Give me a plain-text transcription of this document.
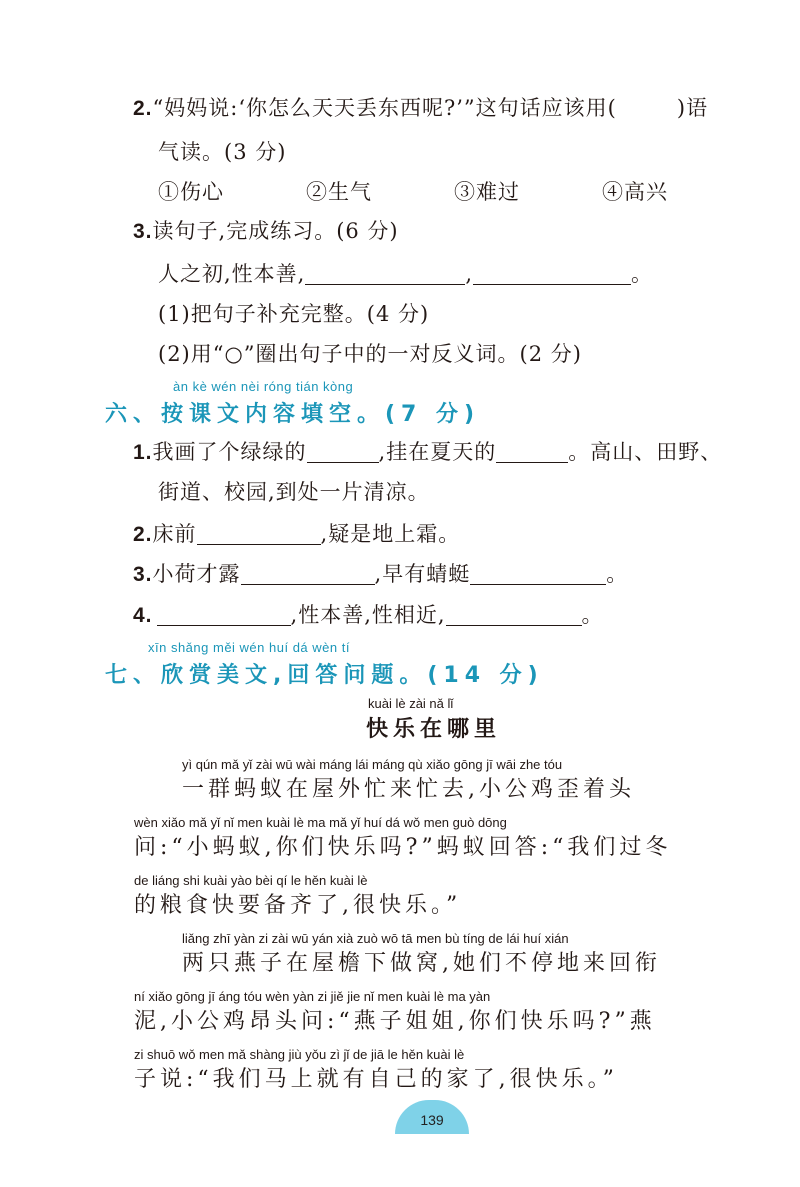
2.“妈妈说:‘你怎么天天丢东西呢?’”这句话应该用(	)语
气读。(3 分)
①伤心	②生气	③难过	④高兴
3.读句子,完成练习。(6 分)
人之初,性本善,	,	。
(1)把句子补充完整。(4 分)
(2)用“○”圈出句子中的一对反义词。(2 分)
àn kè wén nèi róng tián kòng
六、按课文内容填空。(7 分)
1.我画了个绿绿的	,挂在夏天的	。高山、田野、
街道、校园,到处一片清凉。
2.床前	,疑是地上霜。
3.小荷才露	,早有蜻蜓	。
4.	,性本善,性相近,	。
xīn shǎng měi wén huí dá wèn tí
七、欣赏美文,回答问题。(14 分)
kuài lè zài nǎ lǐ
快乐在哪里
yì qún mǎ yǐ zài wū wài máng lái máng qù xiǎo gōng jī wāi zhe tóu
一群蚂蚁在屋外忙来忙去,小公鸡歪着头
wèn xiǎo mǎ yǐ nǐ men kuài lè ma mǎ yǐ huí dá wǒ men guò dōng
问:“小蚂蚁,你们快乐吗?”蚂蚁回答:“我们过冬
de liáng shi kuài yào bèi qí le hěn kuài lè
的粮食快要备齐了,很快乐。”
liǎng zhī yàn zi zài wū yán xià zuò wō tā men bù tíng de lái huí xián
两只燕子在屋檐下做窝,她们不停地来回衔
ní xiǎo gōng jī áng tóu wèn yàn zi jiě jie nǐ men kuài lè ma yàn
泥,小公鸡昂头问:“燕子姐姐,你们快乐吗?”燕
zi shuō wǒ men mǎ shàng jiù yǒu zì jǐ de jiā le hěn kuài lè
子说:“我们马上就有自己的家了,很快乐。”
139
